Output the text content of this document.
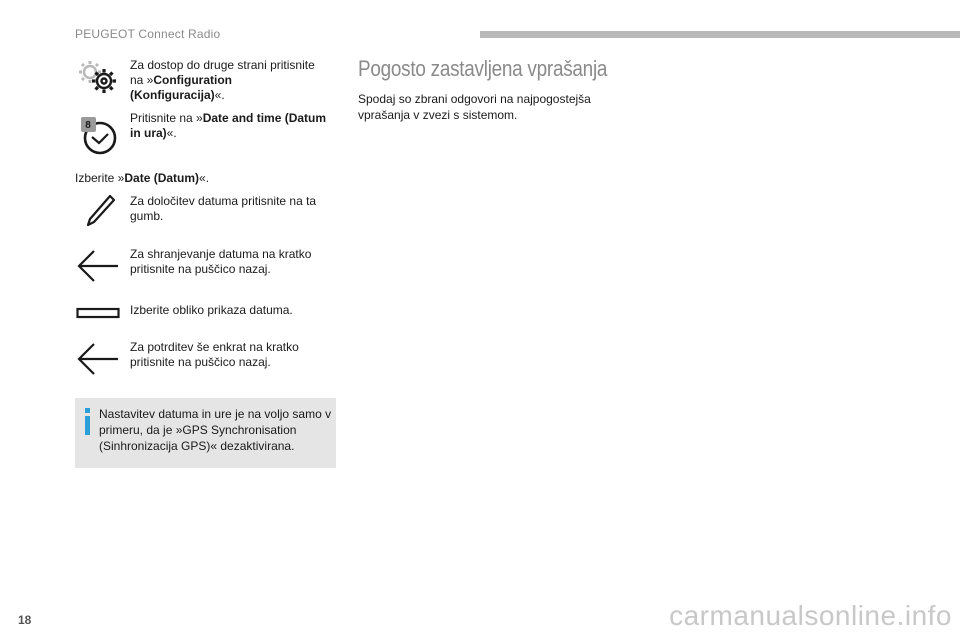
PEUGEOT Connect Radio
Za dostop do druge strani pritisnite na »Configuration (Konfiguracija)«.
8
Pritisnite na »Date and time (Datum in ura)«.
Izberite »Date (Datum)«.
Za določitev datuma pritisnite na ta gumb.
Za shranjevanje datuma na kratko pritisnite na puščico nazaj.
Izberite obliko prikaza datuma.
Za potrditev še enkrat na kratko pritisnite na puščico nazaj.
Nastavitev datuma in ure je na voljo samo v primeru, da je »GPS Synchronisation (Sinhronizacija GPS)« dezaktivirana.
Pogosto zastavljena vprašanja
Spodaj so zbrani odgovori na najpogostejša vprašanja v zvezi s sistemom.
18	carmanualsonline.info
